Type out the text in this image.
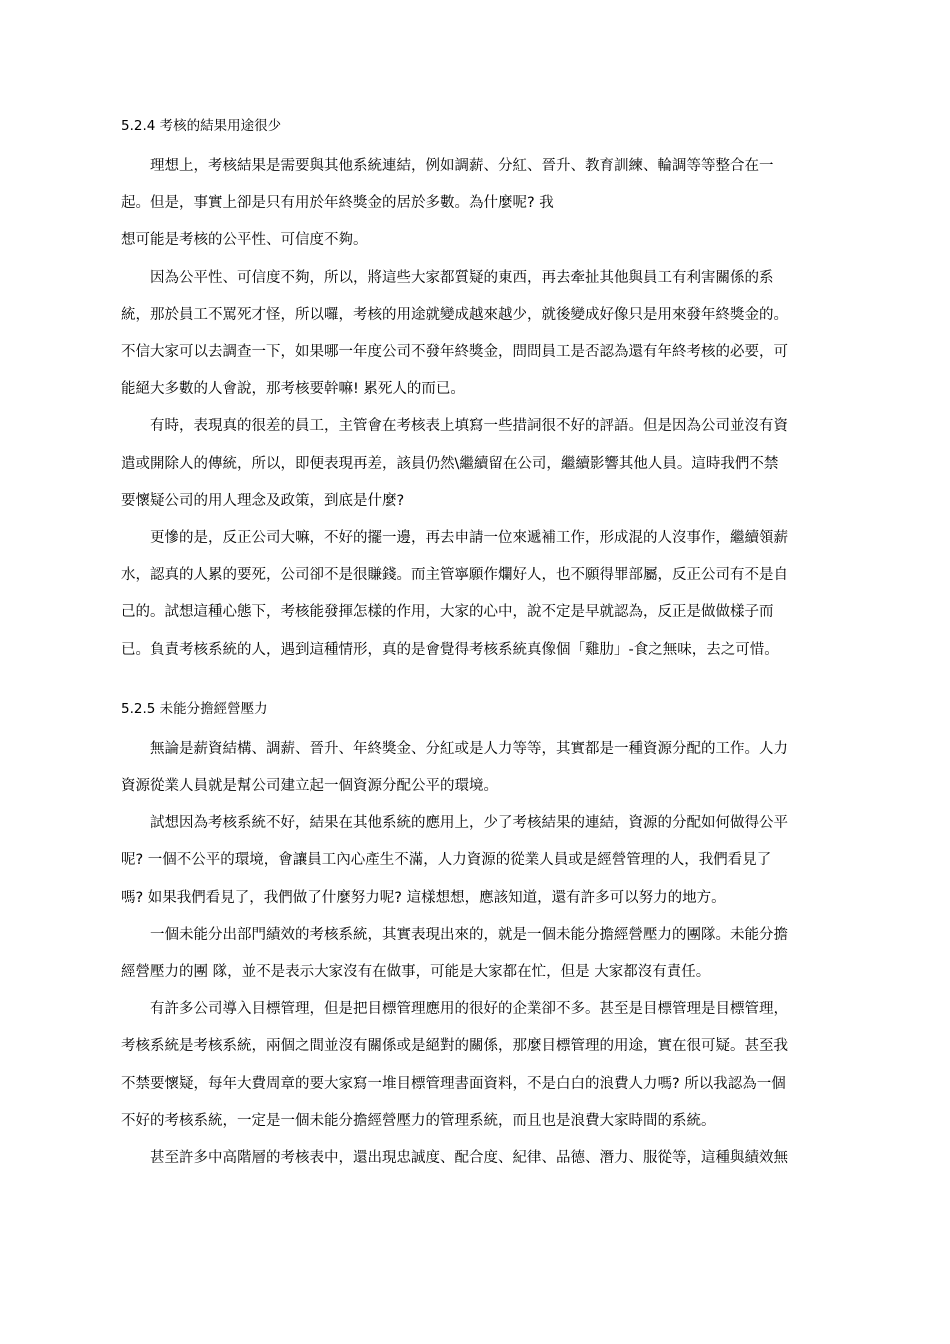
5.2.4 考核的結果用途很少

理想上，考核結果是需要與其他系統連結，例如調薪、分紅、晉升、教育訓練、輪調等等整合在一
起。但是，事實上卻是只有用於年終獎金的居於多數。為什麼呢? 我
想可能是考核的公平性、可信度不夠。

因為公平性、可信度不夠，所以，將這些大家都質疑的東西，再去牽扯其他與員工有利害關係的系
統，那於員工不罵死才怪，所以囉，考核的用途就變成越來越少，就後變成好像只是用來發年終獎金的。
不信大家可以去調查一下，如果哪一年度公司不發年終獎金，問問員工是否認為還有年終考核的必要，可
能絕大多數的人會說，那考核要幹嘛! 累死人的而已。

有時，表現真的很差的員工，主管會在考核表上填寫一些措詞很不好的評語。但是因為公司並沒有資
遣或開除人的傳統，所以，即便表現再差，該員仍然\繼續留在公司，繼續影響其他人員。這時我們不禁
要懷疑公司的用人理念及政策，到底是什麼?

更慘的是，反正公司大嘛，不好的擺一邊，再去申請一位來遞補工作，形成混的人沒事作，繼續領薪
水，認真的人累的要死，公司卻不是很賺錢。而主管寧願作爛好人，也不願得罪部屬，反正公司有不是自
己的。試想這種心態下，考核能發揮怎樣的作用，大家的心中，說不定是早就認為，反正是做做樣子而
已。負責考核系統的人，遇到這種情形，真的是會覺得考核系統真像個「雞肋」-食之無味，去之可惜。

5.2.5 未能分擔經營壓力

無論是薪資結構、調薪、晉升、年終獎金、分紅或是人力等等，其實都是一種資源分配的工作。人力
資源從業人員就是幫公司建立起一個資源分配公平的環境。

試想因為考核系統不好，結果在其他系統的應用上，少了考核結果的連結，資源的分配如何做得公平
呢? 一個不公平的環境，會讓員工內心產生不滿，人力資源的從業人員或是經營管理的人，我們看見了
嗎? 如果我們看見了，我們做了什麼努力呢? 這樣想想，應該知道，還有許多可以努力的地方。

一個未能分出部門績效的考核系統，其實表現出來的，就是一個未能分擔經營壓力的團隊。未能分擔
經營壓力的團 隊，並不是表示大家沒有在做事，可能是大家都在忙，但是 大家都沒有責任。

有許多公司導入目標管理，但是把目標管理應用的很好的企業卻不多。甚至是目標管理是目標管理，
考核系統是考核系統，兩個之間並沒有關係或是絕對的關係，那麼目標管理的用途，實在很可疑。甚至我
不禁要懷疑，每年大費周章的要大家寫一堆目標管理書面資料，不是白白的浪費人力嗎? 所以我認為一個
不好的考核系統，一定是一個未能分擔經營壓力的管理系統，而且也是浪費大家時間的系統。

甚至許多中高階層的考核表中，還出現忠誠度、配合度、紀律、品德、潛力、服從等，這種與績效無
